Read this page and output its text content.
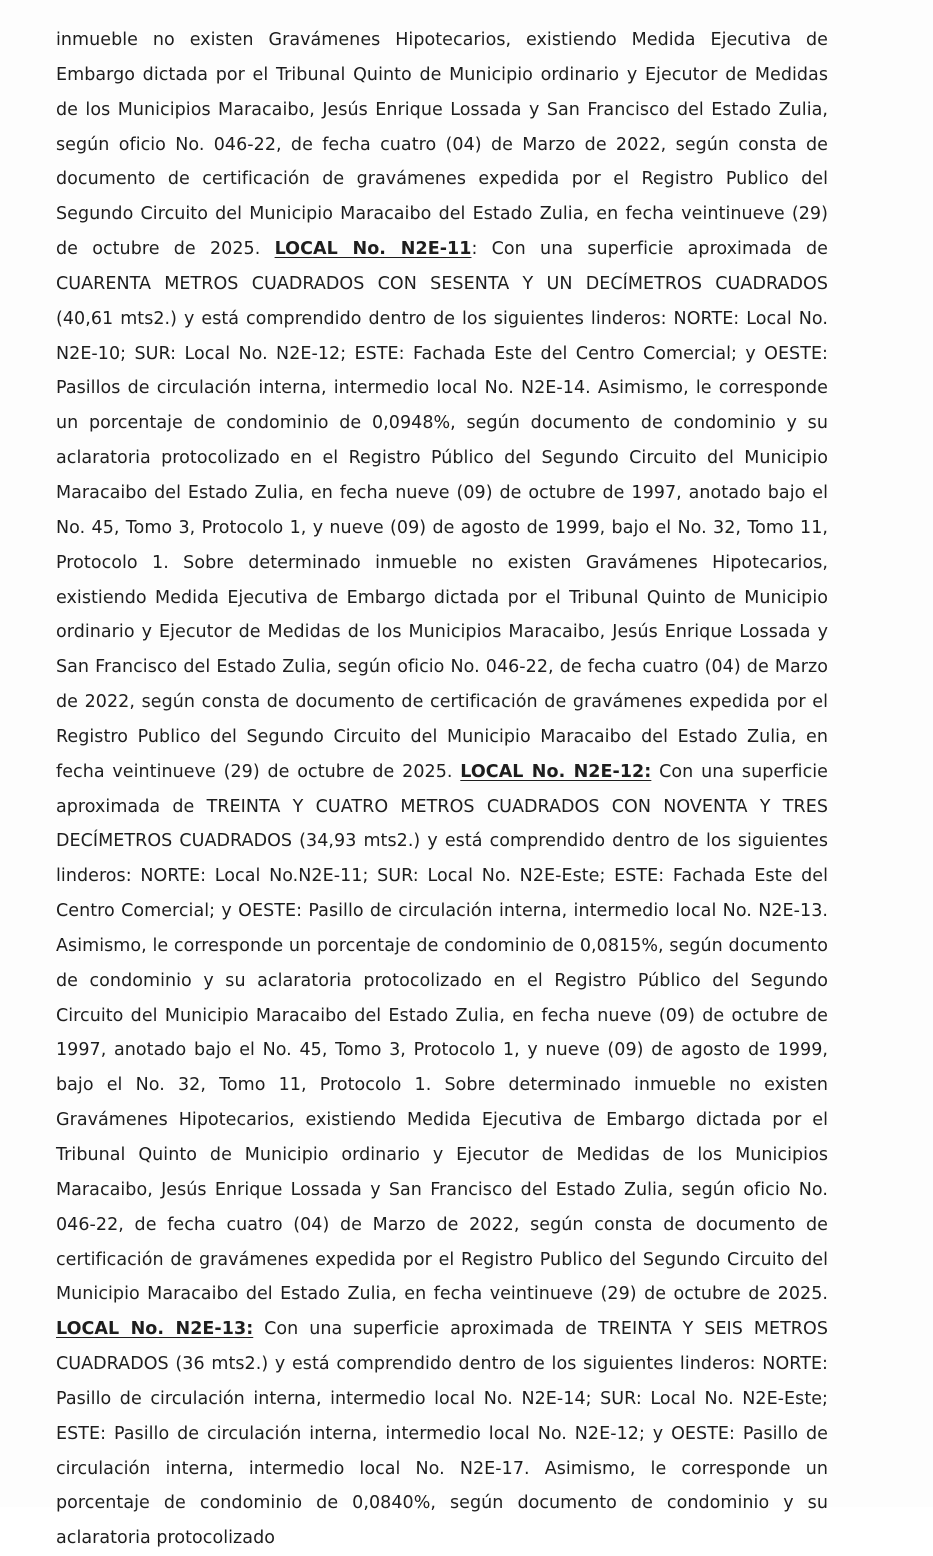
inmueble no existen Gravámenes Hipotecarios, existiendo Medida Ejecutiva de Embargo dictada por el Tribunal Quinto de Municipio ordinario y Ejecutor de Medidas de los Municipios Maracaibo, Jesús Enrique Lossada y San Francisco del Estado Zulia, según oficio No. 046-22, de fecha cuatro (04) de Marzo de 2022, según consta de documento de certificación de gravámenes expedida por el Registro Publico del Segundo Circuito del Municipio Maracaibo del Estado Zulia, en fecha veintinueve (29) de octubre de 2025. LOCAL No. N2E-11: Con una superficie aproximada de CUARENTA METROS CUADRADOS CON SESENTA Y UN DECÍMETROS CUADRADOS (40,61 mts2.) y está comprendido dentro de los siguientes linderos: NORTE: Local No. N2E-10; SUR: Local No. N2E-12; ESTE: Fachada Este del Centro Comercial; y OESTE: Pasillos de circulación interna, intermedio local No. N2E-14. Asimismo, le corresponde un porcentaje de condominio de 0,0948%, según documento de condominio y su aclaratoria protocolizado en el Registro Público del Segundo Circuito del Municipio Maracaibo del Estado Zulia, en fecha nueve (09) de octubre de 1997, anotado bajo el No. 45, Tomo 3, Protocolo 1, y nueve (09) de agosto de 1999, bajo el No. 32, Tomo 11, Protocolo 1. Sobre determinado inmueble no existen Gravámenes Hipotecarios, existiendo Medida Ejecutiva de Embargo dictada por el Tribunal Quinto de Municipio ordinario y Ejecutor de Medidas de los Municipios Maracaibo, Jesús Enrique Lossada y San Francisco del Estado Zulia, según oficio No. 046-22, de fecha cuatro (04) de Marzo de 2022, según consta de documento de certificación de gravámenes expedida por el Registro Publico del Segundo Circuito del Municipio Maracaibo del Estado Zulia, en fecha veintinueve (29) de octubre de 2025. LOCAL No. N2E-12: Con una superficie aproximada de TREINTA Y CUATRO METROS CUADRADOS CON NOVENTA Y TRES DECÍMETROS CUADRADOS (34,93 mts2.) y está comprendido dentro de los siguientes linderos: NORTE: Local No.N2E-11; SUR: Local No. N2E-Este; ESTE: Fachada Este del Centro Comercial; y OESTE: Pasillo de circulación interna, intermedio local No. N2E-13. Asimismo, le corresponde un porcentaje de condominio de 0,0815%, según documento de condominio y su aclaratoria protocolizado en el Registro Público del Segundo Circuito del Municipio Maracaibo del Estado Zulia, en fecha nueve (09) de octubre de 1997, anotado bajo el No. 45, Tomo 3, Protocolo 1, y nueve (09) de agosto de 1999, bajo el No. 32, Tomo 11, Protocolo 1. Sobre determinado inmueble no existen Gravámenes Hipotecarios, existiendo Medida Ejecutiva de Embargo dictada por el Tribunal Quinto de Municipio ordinario y Ejecutor de Medidas de los Municipios Maracaibo, Jesús Enrique Lossada y San Francisco del Estado Zulia, según oficio No. 046-22, de fecha cuatro (04) de Marzo de 2022, según consta de documento de certificación de gravámenes expedida por el Registro Publico del Segundo Circuito del Municipio Maracaibo del Estado Zulia, en fecha veintinueve (29) de octubre de 2025. LOCAL No. N2E-13: Con una superficie aproximada de TREINTA Y SEIS METROS CUADRADOS (36 mts2.) y está comprendido dentro de los siguientes linderos: NORTE: Pasillo de circulación interna, intermedio local No. N2E-14; SUR: Local No. N2E-Este; ESTE: Pasillo de circulación interna, intermedio local No. N2E-12; y OESTE: Pasillo de circulación interna, intermedio local No. N2E-17. Asimismo, le corresponde un porcentaje de condominio de 0,0840%, según documento de condominio y su aclaratoria protocolizado
